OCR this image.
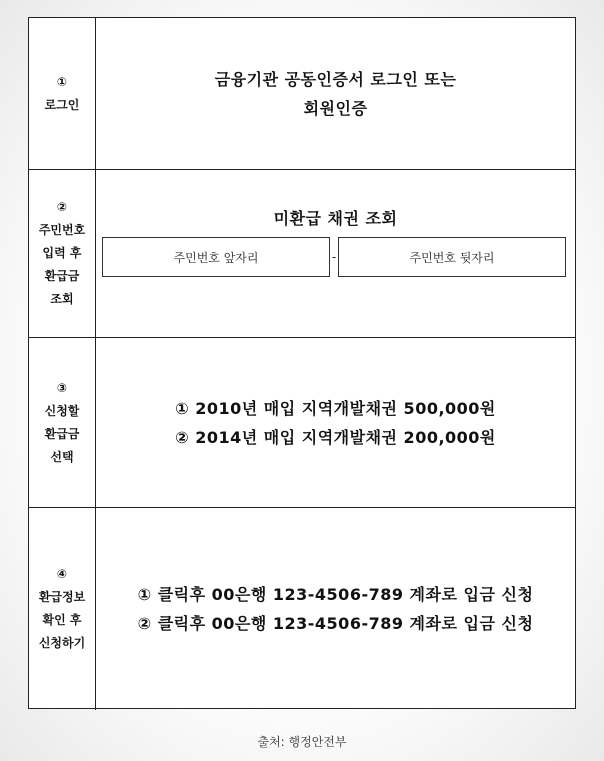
①
로그인
금융기관 공동인증서 로그인 또는
회원인증
②
주민번호
입력 후
환급금
조회
미환급 채권 조회
주민번호 앞자리	-	주민번호 뒷자리
③
신청할
환급금
선택
① 2010년 매입 지역개발채권 500,000원
② 2014년 매입 지역개발채권 200,000원
④
환급정보
확인 후
신청하기
① 클릭후 00은행 123-4506-789 계좌로 입금 신청
② 클릭후 00은행 123-4506-789 계좌로 입금 신청
출처: 행정안전부
